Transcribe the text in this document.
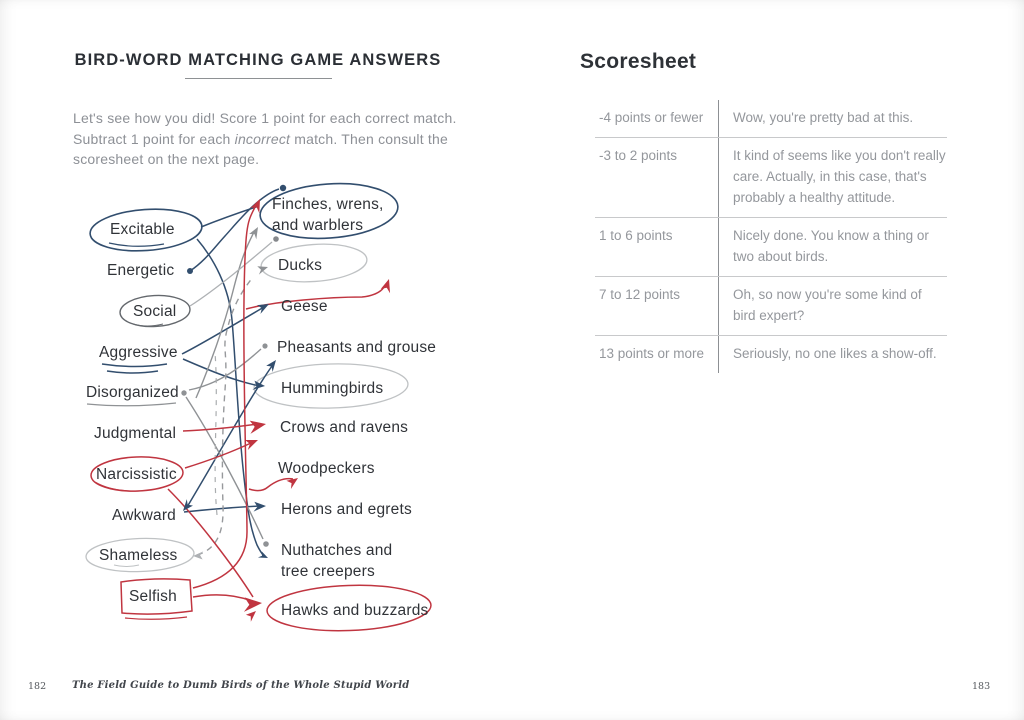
BIRD-WORD MATCHING GAME ANSWERS

Let's see how you did! Score 1 point for each correct match. Subtract 1 point for each incorrect match. Then consult the scoresheet on the next page.

Excitable
Energetic
Social
Aggressive
Disorganized
Judgmental
Narcissistic
Awkward
Shameless
Selfish
Finches, wrens,
and warblers
Ducks
Geese
Pheasants and grouse
Hummingbirds
Crows and ravens
Woodpeckers
Herons and egrets
Nuthatches and
tree creepers
Hawks and buzzards
Scoresheet
-4 points or fewer	Wow, you're pretty bad at this.
-3 to 2 points	It kind of seems like you don't really care. Actually, in this case, that's probably a healthy attitude.
1 to 6 points	Nicely done. You know a thing or two about birds.
7 to 12 points	Oh, so now you're some kind of bird expert?
13 points or more	Seriously, no one likes a show-off.
182	The Field Guide to Dumb Birds of the Whole Stupid World	183
